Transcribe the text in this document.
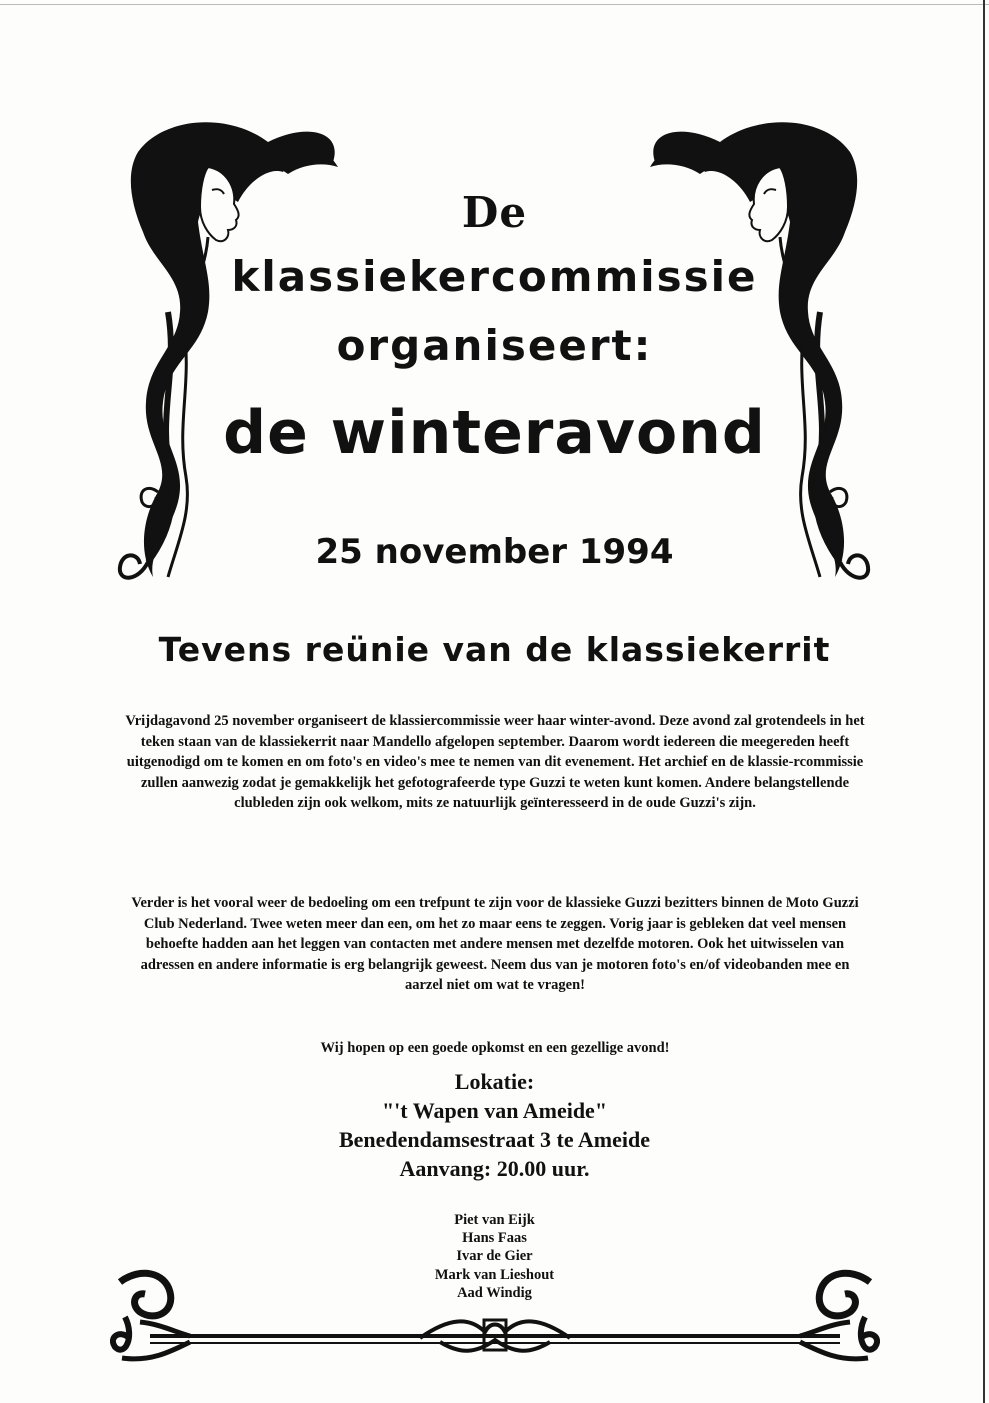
De
klassiekercommissie
organiseert:
de winteravond
25 november 1994
Tevens reünie van de klassiekerrit

Vrijdagavond 25 november organiseert de klassiercommissie weer haar winter-avond. Deze avond zal grotendeels in het teken staan van de klassiekerrit naar Mandello afgelopen september. Daarom wordt iedereen die meegereden heeft uitgenodigd om te komen en om foto's en video's mee te nemen van dit evenement. Het archief en de klassie-rcommissie zullen aanwezig zodat je gemakkelijk het gefotografeerde type Guzzi te weten kunt komen. Andere belangstellende clubleden zijn ook welkom, mits ze natuurlijk geïnteresseerd in de oude Guzzi's zijn.

Verder is het vooral weer de bedoeling om een trefpunt te zijn voor de klassieke Guzzi bezitters binnen de Moto Guzzi Club Nederland. Twee weten meer dan een, om het zo maar eens te zeggen. Vorig jaar is gebleken dat veel mensen behoefte hadden aan het leggen van contacten met andere mensen met dezelfde motoren. Ook het uitwisselen van adressen en andere informatie is erg belangrijk geweest. Neem dus van je motoren foto's en/of videobanden mee en aarzel niet om wat te vragen!

Wij hopen op een goede opkomst en een gezellige avond!

Lokatie:
"'t Wapen van Ameide"
Benedendamsestraat 3 te Ameide
Aanvang: 20.00 uur.
Piet van Eijk
Hans Faas
Ivar de Gier
Mark van Lieshout
Aad Windig
